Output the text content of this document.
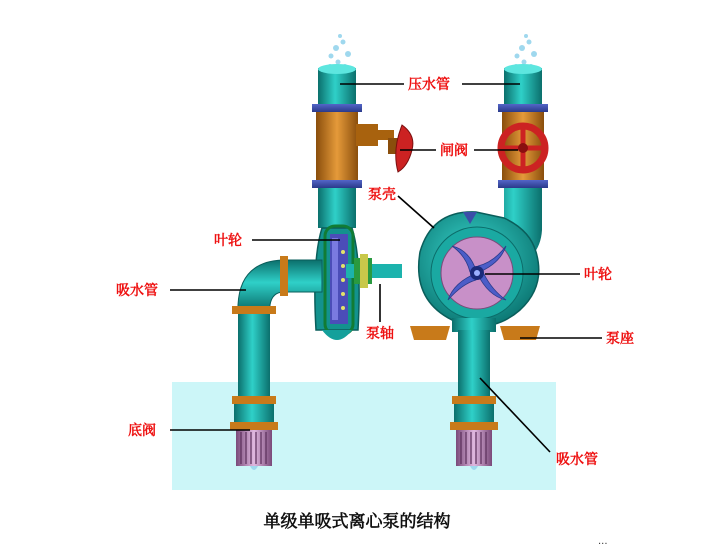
压水管
闸阀
泵壳
叶轮
吸水管
泵轴
叶轮
泵座
底阀
吸水管
单级单吸式离心泵的结构
...
